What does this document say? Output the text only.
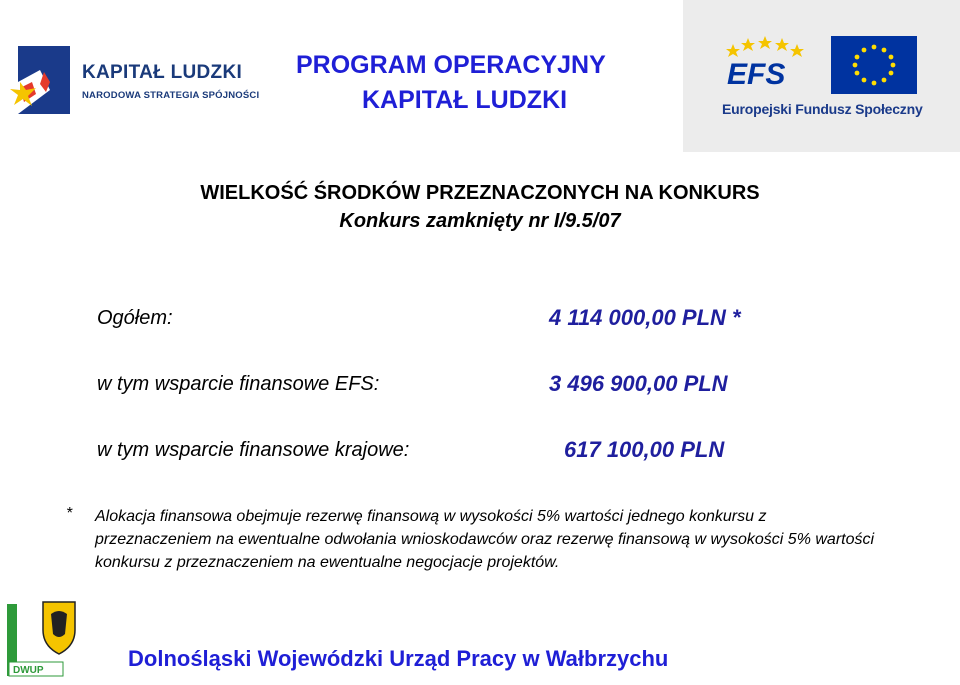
KAPITAŁ LUDZKI
NARODOWA STRATEGIA SPÓJNOŚCI
PROGRAM OPERACYJNY
KAPITAŁ LUDZKI
EFS
Europejski Fundusz Społeczny
WIELKOŚĆ ŚRODKÓW PRZEZNACZONYCH NA KONKURS
Konkurs zamknięty nr I/9.5/07
Ogółem:	4 114 000,00 PLN *
w tym wsparcie finansowe EFS:	3 496 900,00 PLN
w tym wsparcie finansowe krajowe:	617 100,00 PLN
* Alokacja finansowa obejmuje rezerwę finansową w wysokości 5% wartości jednego konkursu z przeznaczeniem na ewentualne odwołania wnioskodawców oraz rezerwę finansową w wysokości 5% wartości konkursu z przeznaczeniem na ewentualne negocjacje projektów.
DWUP	Dolnośląski Wojewódzki Urząd Pracy w Wałbrzychu
